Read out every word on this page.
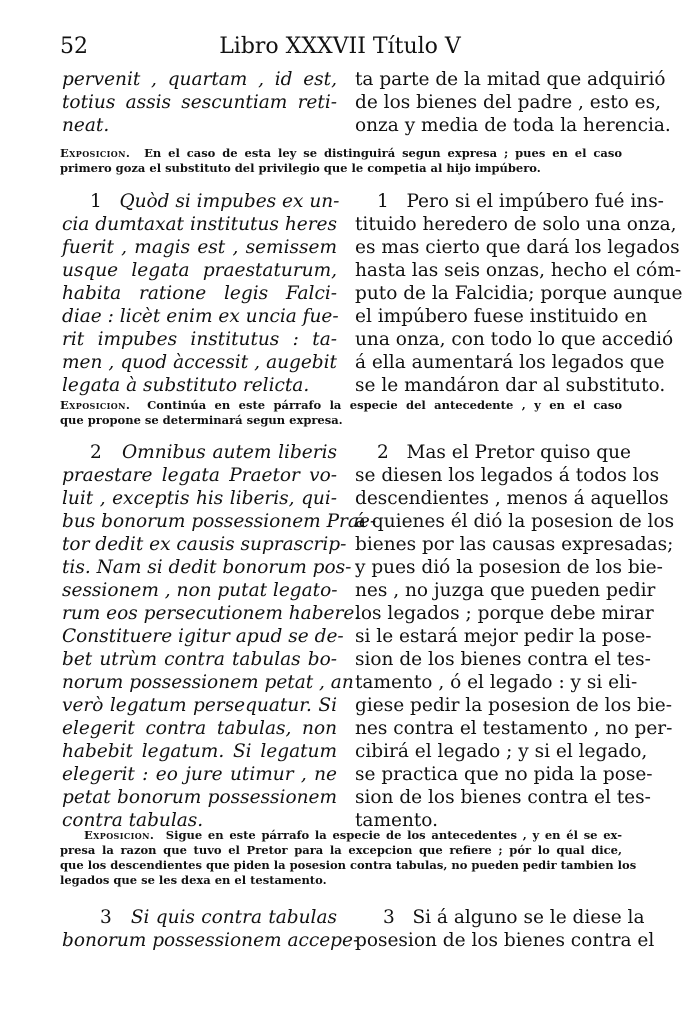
52	Libro XXXVII Título V
pervenit , quartam , id est,
totius assis sescuntiam reti-
neat.
ta parte de la mitad que adquirió
de los bienes del padre , esto es,
onza y media de toda la herencia.
Exposicion. En el caso de esta ley se distinguirá segun expresa ; pues en el caso
primero goza el substituto del privilegio que le competia al hijo impúbero.
1 Quòd si impubes ex un-
cia dumtaxat institutus heres
fuerit , magis est , semissem
usque legata praestaturum,
habita ratione legis Falci-
diae : licèt enim ex uncia fue-
rit impubes institutus : ta-
men , quod àccessit , augebit
legata à substituto relicta.
1 Pero si el impúbero fué ins-
tituido heredero de solo una onza,
es mas cierto que dará los legados
hasta las seis onzas, hecho el cóm-
puto de la Falcidia; porque aunque
el impúbero fuese instituido en
una onza, con todo lo que accedió
á ella aumentará los legados que
se le mandáron dar al substituto.
Exposicion. Continúa en este párrafo la especie del antecedente , y en el caso
que propone se determinará segun expresa.
2 Omnibus autem liberis
praestare legata Praetor vo-
luit , exceptis his liberis, qui-
bus bonorum possessionem Prae-
tor dedit ex causis suprascrip-
tis. Nam si dedit bonorum pos-
sessionem , non putat legato-
rum eos persecutionem habere.
Constituere igitur apud se de-
bet utrùm contra tabulas bo-
norum possessionem petat , an
verò legatum persequatur. Si
elegerit contra tabulas, non
habebit legatum. Si legatum
elegerit : eo jure utimur , ne
petat bonorum possessionem
contra tabulas.
2 Mas el Pretor quiso que
se diesen los legados á todos los
descendientes , menos á aquellos
á quienes él dió la posesion de los
bienes por las causas expresadas;
y pues dió la posesion de los bie-
nes , no juzga que pueden pedir
los legados ; porque debe mirar
si le estará mejor pedir la pose-
sion de los bienes contra el tes-
tamento , ó el legado : y si eli-
giese pedir la posesion de los bie-
nes contra el testamento , no per-
cibirá el legado ; y si el legado,
se practica que no pida la pose-
sion de los bienes contra el tes-
tamento.
Exposicion. Sigue en este párrafo la especie de los antecedentes , y en él se ex-
presa la razon que tuvo el Pretor para la excepcion que refiere ; pór lo qual dice,
que los descendientes que piden la posesion contra tabulas, no pueden pedir tambien los
legados que se les dexa en el testamento.
3 Si quis contra tabulas
bonorum possessionem accepe-
3 Si á alguno se le diese la
posesion de los bienes contra el
